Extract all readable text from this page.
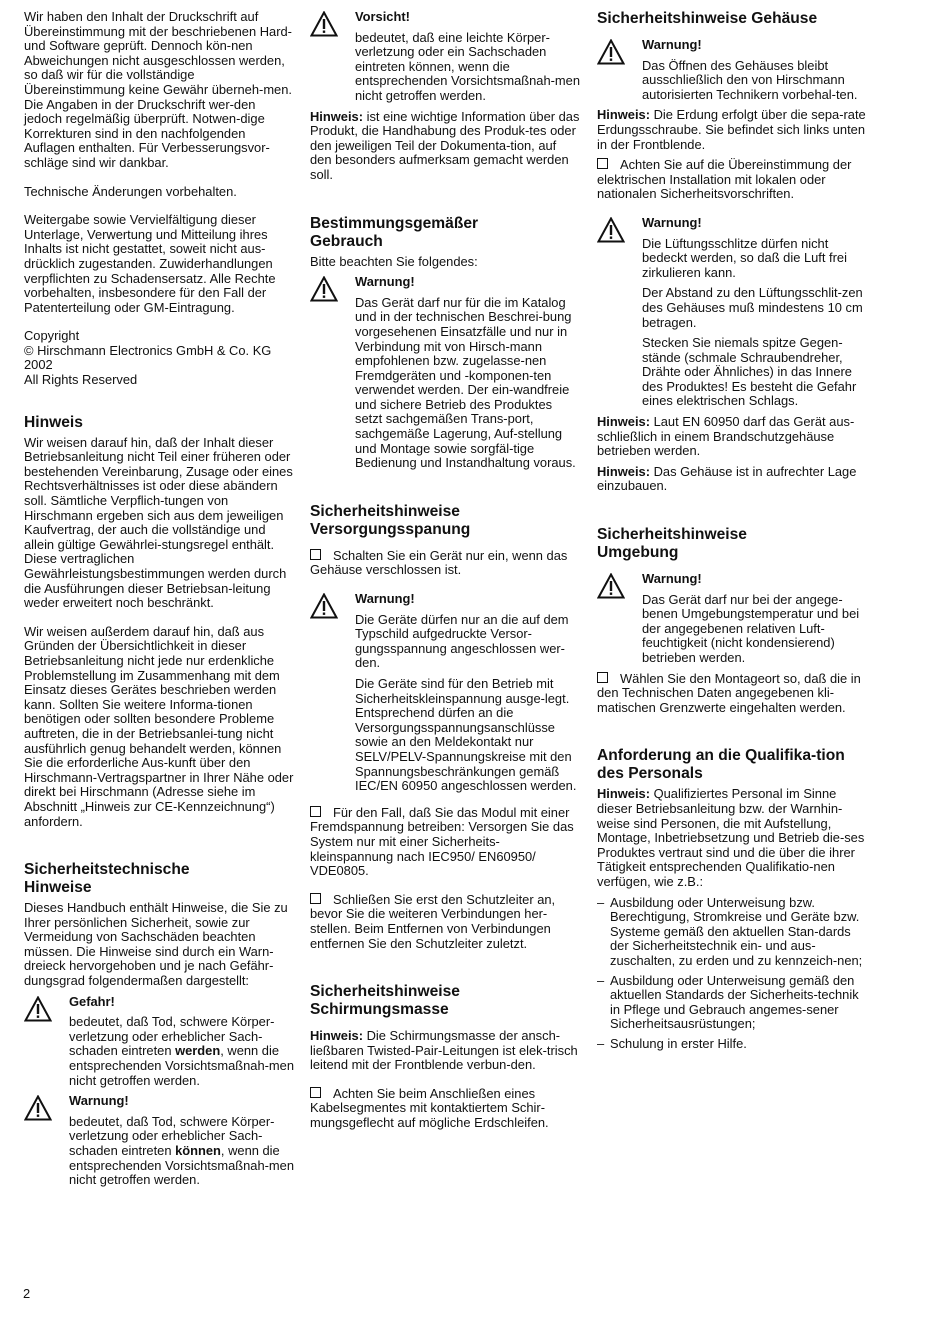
Wir haben den Inhalt der Druckschrift auf Übereinstimmung mit der beschriebenen Hard- und Software geprüft. Dennoch kön-nen Abweichungen nicht ausgeschlossen werden, so daß wir für die vollständige Übereinstimmung keine Gewähr überneh-men. Die Angaben in der Druckschrift wer-den jedoch regelmäßig überprüft. Notwen-dige Korrekturen sind in den nachfolgenden Auflagen enthalten. Für Verbesserungsvor-schläge sind wir dankbar.

Technische Änderungen vorbehalten.

Weitergabe sowie Vervielfältigung dieser Unterlage, Verwertung und Mitteilung ihres Inhalts ist nicht gestattet, soweit nicht aus-drücklich zugestanden. Zuwiderhandlungen verpflichten zu Schadensersatz. Alle Rechte vorbehalten, insbesondere für den Fall der Patenterteilung oder GM-Eintragung.

Copyright

© Hirschmann Electronics GmbH & Co. KG 2002

All Rights Reserved

Hinweis

Wir weisen darauf hin, daß der Inhalt dieser Betriebsanleitung nicht Teil einer früheren oder bestehenden Vereinbarung, Zusage oder eines Rechtsverhältnisses ist oder diese abändern soll. Sämtliche Verpflich-tungen von Hirschmann ergeben sich aus dem jeweiligen Kaufvertrag, der auch die vollständige und allein gültige Gewährlei-stungsregel enthält. Diese vertraglichen Gewährleistungsbestimmungen werden durch die Ausführungen dieser Betriebsan-leitung weder erweitert noch beschränkt.

Wir weisen außerdem darauf hin, daß aus Gründen der Übersichtlichkeit in dieser Betriebsanleitung nicht jede nur erdenkliche Problemstellung im Zusammenhang mit dem Einsatz dieses Gerätes beschrieben werden kann. Sollten Sie weitere Informa-tionen benötigen oder sollten besondere Probleme auftreten, die in der Betriebsanlei-tung nicht ausführlich genug behandelt werden, können Sie die erforderliche Aus-kunft über den Hirschmann-Vertragspartner in Ihrer Nähe oder direkt bei Hirschmann (Adresse siehe im Abschnitt „Hinweis zur CE-Kennzeichnung“) anfordern.

Sicherheitstechnische Hinweise

Dieses Handbuch enthält Hinweise, die Sie zu Ihrer persönlichen Sicherheit, sowie zur Vermeidung von Sachschäden beachten müssen. Die Hinweise sind durch ein Warn-dreieck hervorgehoben und je nach Gefähr-dungsgrad folgendermaßen dargestellt:

Gefahr!

bedeutet, daß Tod, schwere Körper-verletzung oder erheblicher Sach-schaden eintreten werden, wenn die entsprechenden Vorsichtsmaßnah-men nicht getroffen werden.

Warnung!

bedeutet, daß Tod, schwere Körper-verletzung oder erheblicher Sach-schaden eintreten können, wenn die entsprechenden Vorsichtsmaßnah-men nicht getroffen werden.

Vorsicht!

bedeutet, daß eine leichte Körper-verletzung oder ein Sachschaden eintreten können, wenn die entsprechenden Vorsichtsmaßnah-men nicht getroffen werden.

Hinweis: ist eine wichtige Information über das Produkt, die Handhabung des Produk-tes oder den jeweiligen Teil der Dokumenta-tion, auf den besonders aufmerksam gemacht werden soll.

Bestimmungsgemäßer Gebrauch

Bitte beachten Sie folgendes:

Warnung!

Das Gerät darf nur für die im Katalog und in der technischen Beschrei-bung vorgesehenen Einsatzfälle und nur in Verbindung mit von Hirsch-mann empfohlenen bzw. zugelasse-nen Fremdgeräten und -komponen-ten verwendet werden. Der ein-wandfreie und sichere Betrieb des Produktes setzt sachgemäßen Trans-port, sachgemäße Lagerung, Auf-stellung und Montage sowie sorgfäl-tige Bedienung und Instandhaltung voraus.

Sicherheitshinweise Versorgungsspanung

Schalten Sie ein Gerät nur ein, wenn das Gehäuse verschlossen ist.

Warnung!

Die Geräte dürfen nur an die auf dem Typschild aufgedruckte Versor-gungsspannung angeschlossen wer-den.

Die Geräte sind für den Betrieb mit Sicherheitskleinspannung ausge-legt. Entsprechend dürfen an die Versorgungsspannungsanschlüsse sowie an den Meldekontakt nur SELV/PELV-Spannungskreise mit den Spannungsbeschränkungen gemäß IEC/EN 60950 angeschlossen werden.

Für den Fall, daß Sie das Modul mit einer Fremdspannung betreiben: Versorgen Sie das System nur mit einer Sicherheits-kleinspannung nach IEC950/ EN60950/ VDE0805.

Schließen Sie erst den Schutzleiter an, bevor Sie die weiteren Verbindungen her-stellen. Beim Entfernen von Verbindungen entfernen Sie den Schutzleiter zuletzt.

Sicherheitshinweise Schirmungsmasse

Hinweis: Die Schirmungsmasse der ansch-ließbaren Twisted-Pair-Leitungen ist elek-trisch leitend mit der Frontblende verbun-den.

Achten Sie beim Anschließen eines Kabelsegmentes mit kontaktiertem Schir-mungsgeflecht auf mögliche Erdschleifen.

Sicherheitshinweise Gehäuse

Warnung!

Das Öffnen des Gehäuses bleibt ausschließlich den von Hirschmann autorisierten Technikern vorbehal-ten.

Hinweis: Die Erdung erfolgt über die sepa-rate Erdungsschraube. Sie befindet sich links unten in der Frontblende.

Achten Sie auf die Übereinstimmung der elektrischen Installation mit lokalen oder nationalen Sicherheitsvorschriften.

Warnung!

Die Lüftungsschlitze dürfen nicht bedeckt werden, so daß die Luft frei zirkulieren kann.

Der Abstand zu den Lüftungsschlit-zen des Gehäuses muß mindestens 10 cm betragen.

Stecken Sie niemals spitze Gegen-stände (schmale Schraubendreher, Drähte oder Ähnliches) in das Innere des Produktes! Es besteht die Gefahr eines elektrischen Schlags.

Hinweis: Laut EN 60950 darf das Gerät aus-schließlich in einem Brandschutzgehäuse betrieben werden.

Hinweis: Das Gehäuse ist in aufrechter Lage einzubauen.

Sicherheitshinweise Umgebung

Warnung!

Das Gerät darf nur bei der angege-benen Umgebungstemperatur und bei der angegebenen relativen Luft-feuchtigkeit (nicht kondensierend) betrieben werden.

Wählen Sie den Montageort so, daß die in den Technischen Daten angegebenen kli-matischen Grenzwerte eingehalten werden.

Anforderung an die Qualifika-tion des Personals

Hinweis: Qualifiziertes Personal im Sinne dieser Betriebsanleitung bzw. der Warnhin-weise sind Personen, die mit Aufstellung, Montage, Inbetriebsetzung und Betrieb die-ses Produktes vertraut sind und die über die ihrer Tätigkeit entsprechenden Qualifikatio-nen verfügen, wie z.B.:

– Ausbildung oder Unterweisung bzw. Berechtigung, Stromkreise und Geräte bzw. Systeme gemäß den aktuellen Stan-dards der Sicherheitstechnik ein- und aus-zuschalten, zu erden und zu kennzeich-nen;
– Ausbildung oder Unterweisung gemäß den aktuellen Standards der Sicherheits-technik in Pflege und Gebrauch angemes-sener Sicherheitsausrüstungen;
– Schulung in erster Hilfe.
2
